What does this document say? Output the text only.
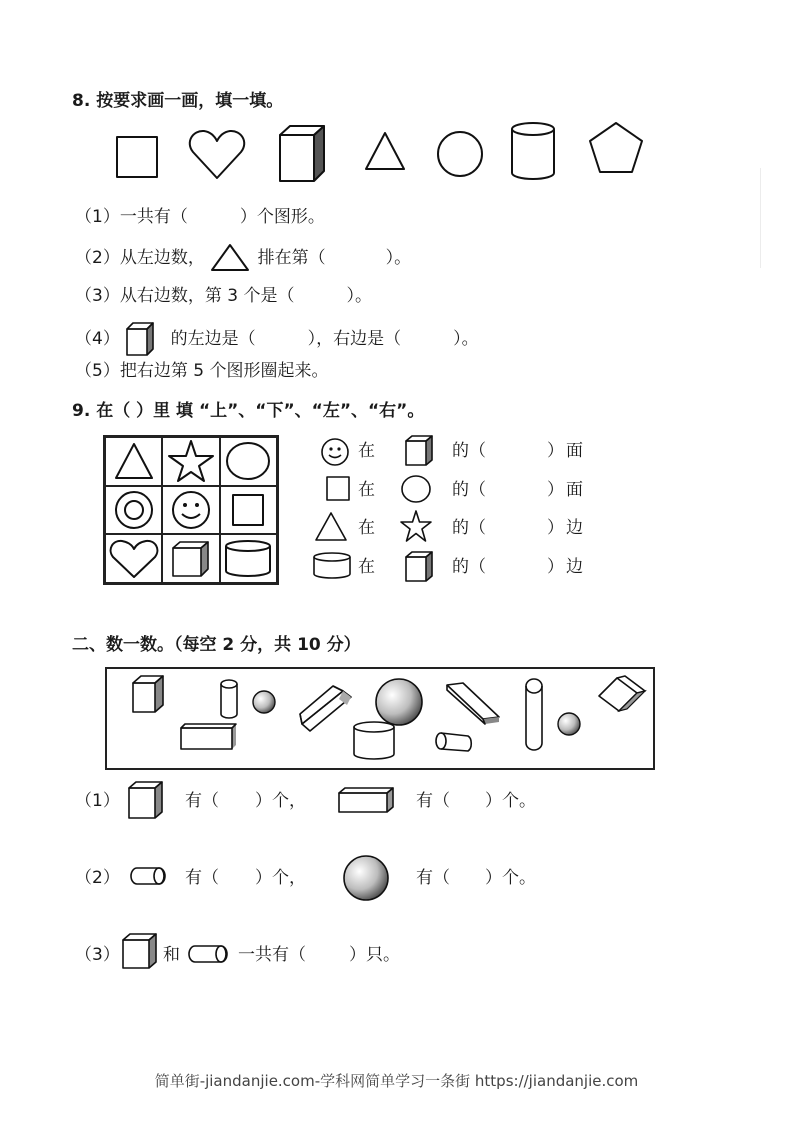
8. 按要求画一画，填一填。
（1）一共有（	）个图形。
（2）从左边数，	排在第（	）。
（3）从右边数，第 3 个是（	）。
（4）	的左边是（	），右边是（	）。
（5）把右边第 5 个图形圈起来。
9. 在（ ）里 填 “上”、“下”、“左”、“右”。
在	的（	） 面
在	的（	） 面
在	的（	） 边
在	的（	） 边
二、数一数。（每空 2 分，共 10 分）
（1）	有（ ）个，	有（ ）个。
（2）	有（ ）个，	有（ ）个。
（3）	和	一共有（	）只。
简单街-jiandanjie.com-学科网简单学习一条街 https://jiandanjie.com
